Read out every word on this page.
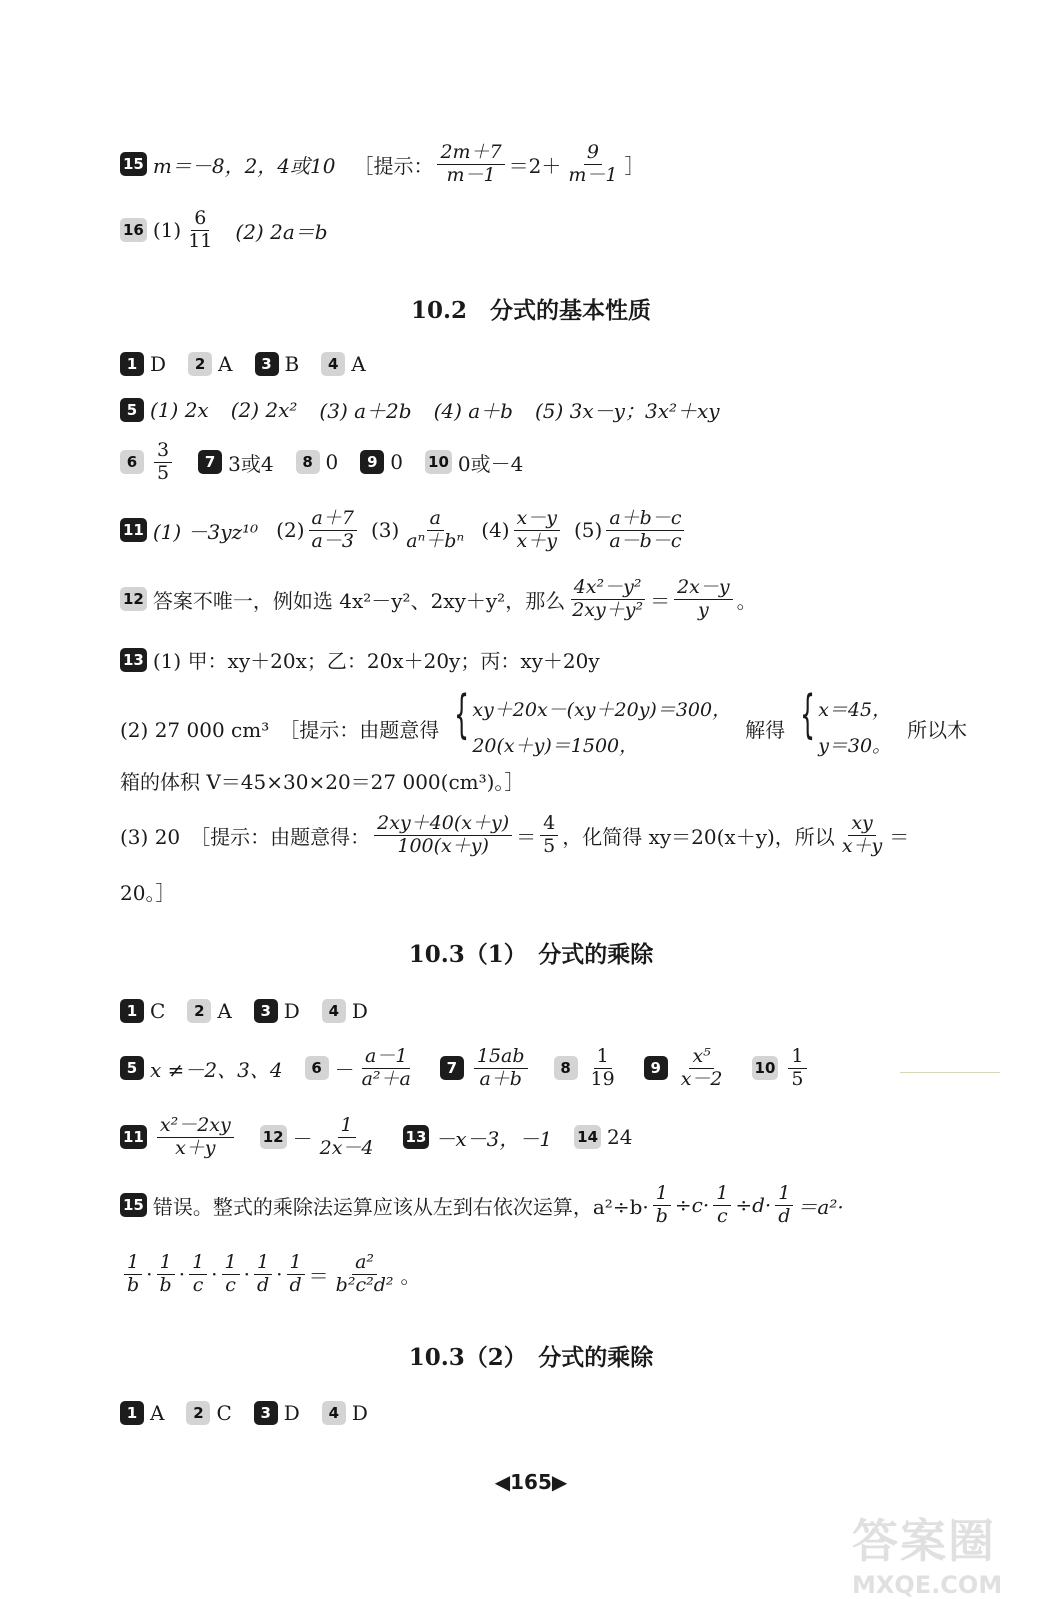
15 m＝－8，2，4或10 ［提示： $\frac{2m+7}{m-1} =2+ \frac{9}{m-1}$ ］
16 $(1) \frac{6}{11} (2)$ 2a＝b
10.2　分式的基本性质
1 D	2 A	3 B	4 A
5 (1) 2x (2) 2x² (3) a＋2b (4) a＋b (5) 3x－y；3x²＋xy
$6 \frac{3}{5}$	7 3或4	8 0	9 0 10 0或－4
11 (1) －3yz¹⁰ $(2) \frac{a+7}{a-3} (3) \frac{a}{\text{aⁿ＋bⁿ}} (4) \frac{x-y}{x+y} (5) \frac{a+b-c}{a-b-c}$
12 答案不唯一，例如选 4x²－y²、2xy＋y²，那么 $\frac{\text{4x²－y²}}{\text{2xy＋y²}} = \frac{2x-y}{y}$ 。
13 (1) 甲：xy＋20x；乙：20x＋20y；丙：xy＋20y
(2) 27 000 cm³　［提示：由题意得 { xy＋20x－(xy＋20y)＝300，
20(x＋y)＝1500，
解得 { x＝45，
y＝30。
所以木
箱的体积 V＝45×30×20＝27 000(cm³)。］
(3) 20　［提示：由题意得： $\frac{2xy+40(x+y)}{100(x+y)} = \frac{4}{5}$ ，化简得 xy＝20(x＋y)，所以 $\frac{xy}{x+y}$ ＝
20。］
10.3（1）　分式的乘除
1 C	2 A	3 D	4 D
5 x ≠－2、3、4	$6 - \frac{a-1}{\text{a²＋a}}$	$7 \frac{15ab}{a+b}$	$8 \frac{1}{19}$	$9 \frac{\text{x⁵}}{x-2} 10 \frac{1}{5}$
$11 \frac{\text{x²－2xy}}{x+y} 12 - \frac{1}{2x-4} 13 -x-3$，－1 14 24
15 错误。整式的乘除法运算应该从左到右依次运算，$a^2\div b\cdot \frac{1}{b} \div c\cdot \frac{1}{c} \div d\cdot \frac{1}{d} =a^2\cdot$
$\frac{1}{b} \cdot \frac{1}{b} \cdot \frac{1}{c} \cdot \frac{1}{c} \cdot \frac{1}{d} \cdot \frac{1}{d} = \frac{\text{a²}}{\text{b²c²d²}}$ 。
10.3（2）　分式的乘除
1 A	2 C	3 D	4 D
◀165▶
答案圈
MXQE.COM
